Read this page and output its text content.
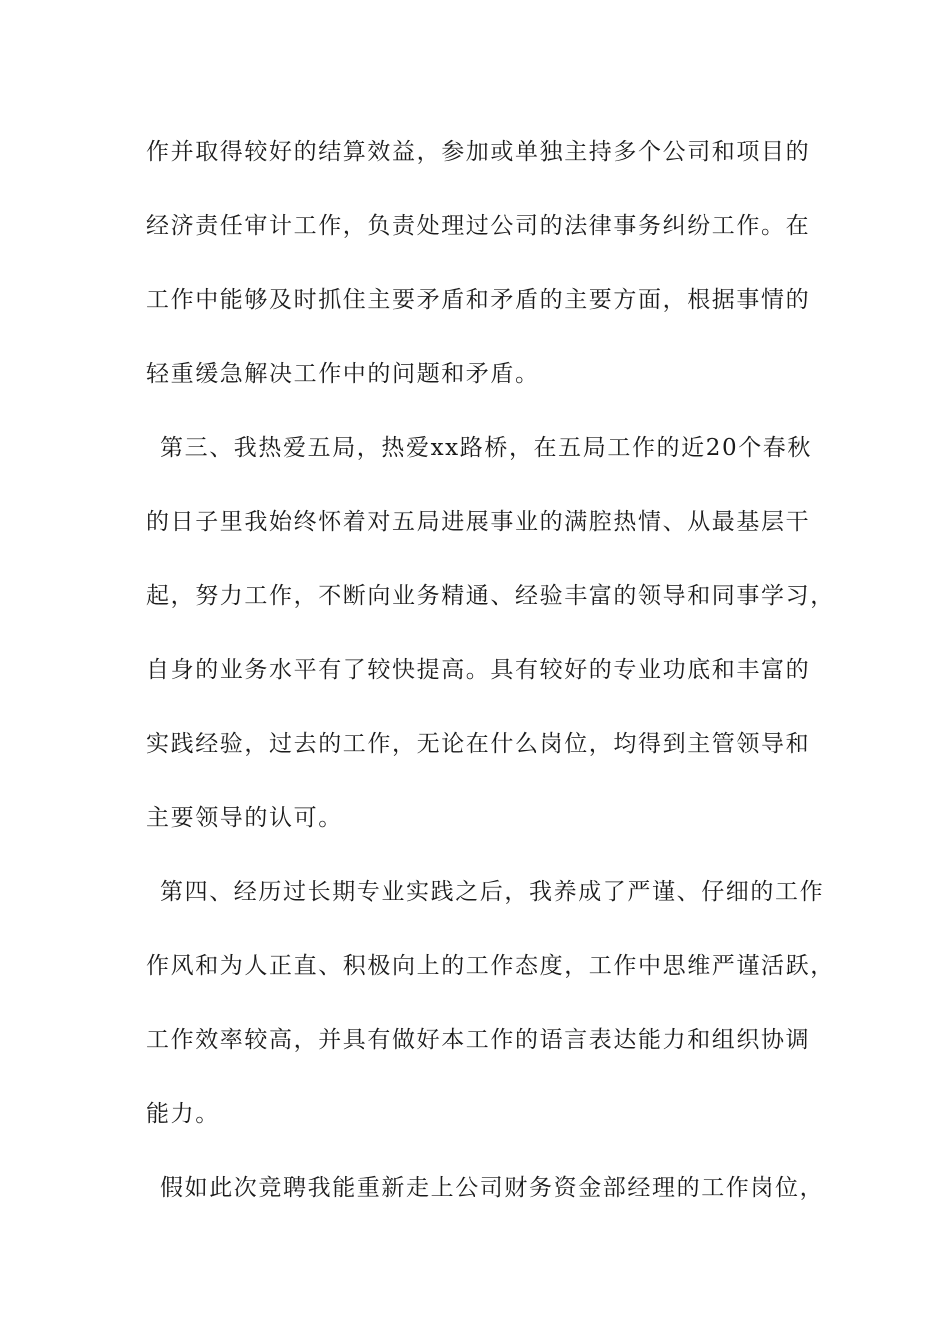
作并取得较好的结算效益，参加或单独主持多个公司和项目的
经济责任审计工作，负责处理过公司的法律事务纠纷工作。在
工作中能够及时抓住主要矛盾和矛盾的主要方面，根据事情的
轻重缓急解决工作中的问题和矛盾。
第三、我热爱五局，热爱xx路桥，在五局工作的近20个春秋
的日子里我始终怀着对五局进展事业的满腔热情、从最基层干
起，努力工作，不断向业务精通、经验丰富的领导和同事学习，
自身的业务水平有了较快提高。具有较好的专业功底和丰富的
实践经验，过去的工作，无论在什么岗位，均得到主管领导和
主要领导的认可。
第四、经历过长期专业实践之后，我养成了严谨、仔细的工作
作风和为人正直、积极向上的工作态度，工作中思维严谨活跃，
工作效率较高，并具有做好本工作的语言表达能力和组织协调
能力。
假如此次竞聘我能重新走上公司财务资金部经理的工作岗位，
